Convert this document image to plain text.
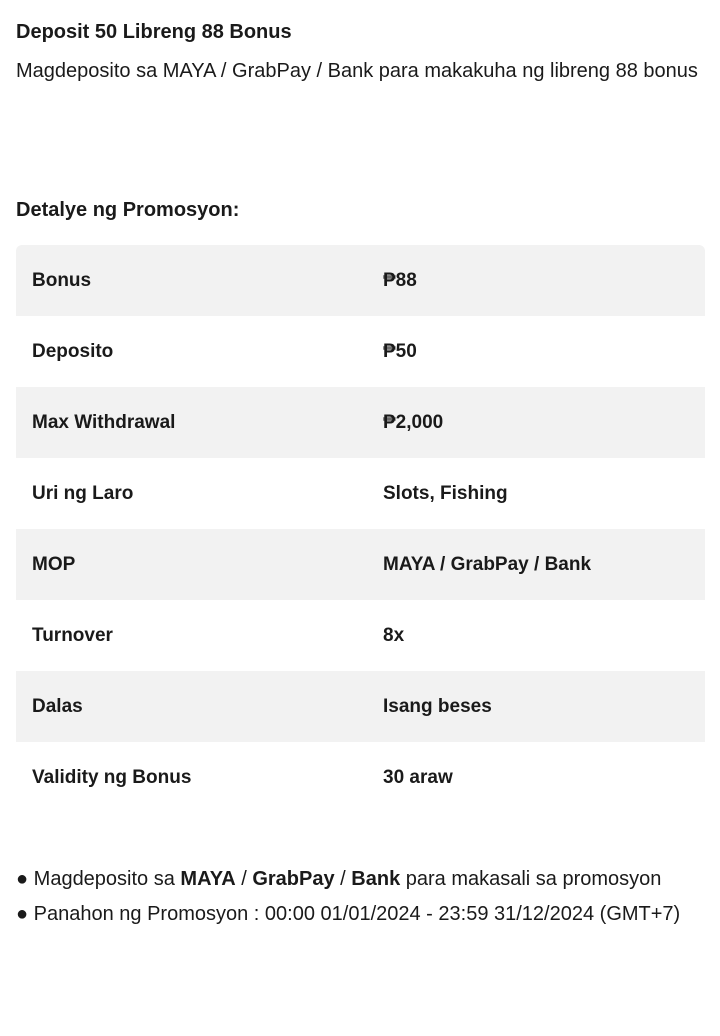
Deposit 50 Libreng 88 Bonus
Magdeposito sa MAYA / GrabPay / Bank para makakuha ng libreng 88 bonus
Detalye ng Promosyon:
Bonus	₱88
Deposito	₱50
Max Withdrawal	₱2,000
Uri ng Laro	Slots, Fishing
MOP	MAYA / GrabPay / Bank
Turnover	8x
Dalas	Isang beses
Validity ng Bonus	30 araw

● Magdeposito sa MAYA / GrabPay / Bank para makasali sa promosyon

● Panahon ng Promosyon : 00:00 01/01/2024 - 23:59 31/12/2024 (GMT+7)
